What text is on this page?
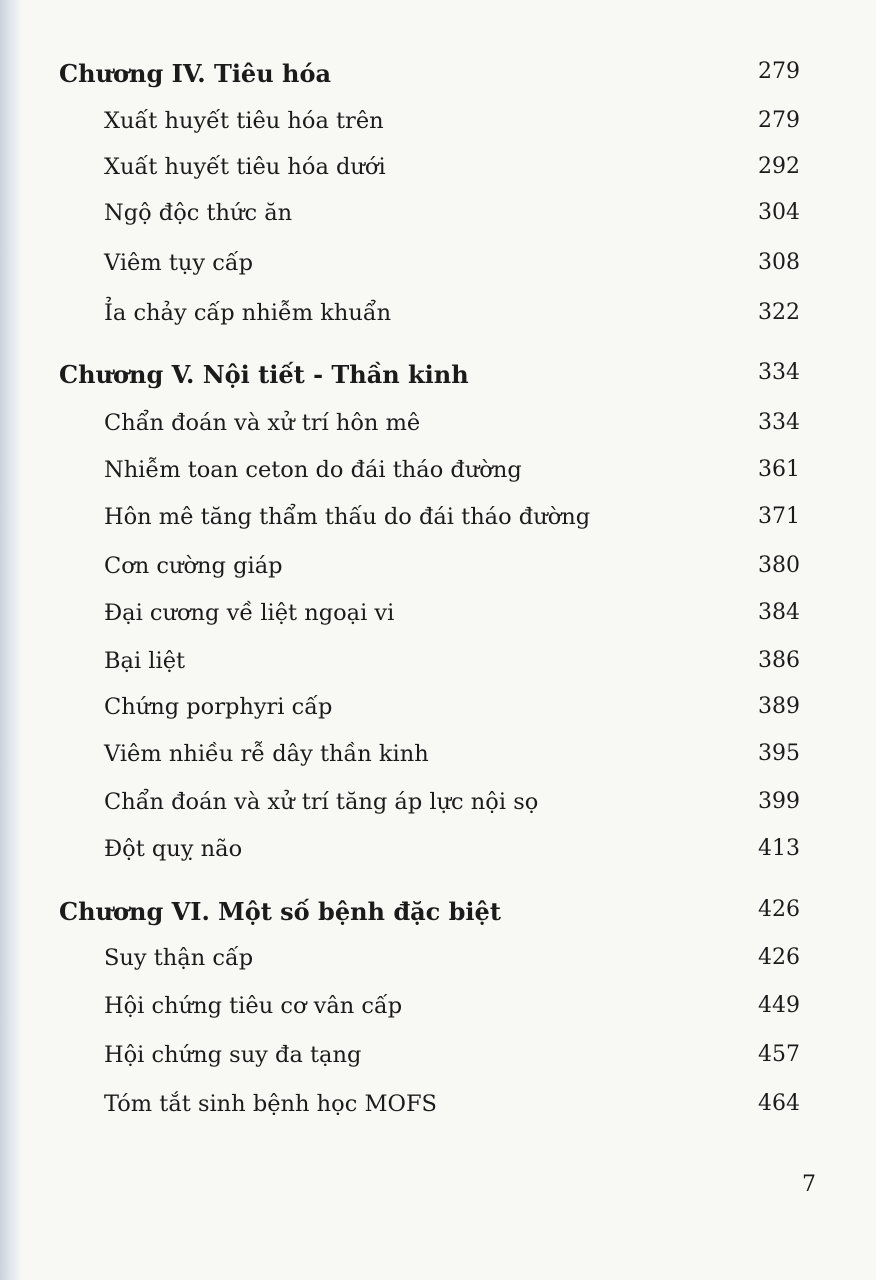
Chương IV. Tiêu hóa	279
Xuất huyết tiêu hóa trên	279
Xuất huyết tiêu hóa dưới	292
Ngộ độc thức ăn	304
Viêm tụy cấp	308
Ỉa chảy cấp nhiễm khuẩn	322
Chương V. Nội tiết - Thần kinh	334
Chẩn đoán và xử trí hôn mê	334
Nhiễm toan ceton do đái tháo đường	361
Hôn mê tăng thẩm thấu do đái tháo đường	371
Cơn cường giáp	380
Đại cương về liệt ngoại vi	384
Bại liệt	386
Chứng porphyri cấp	389
Viêm nhiều rễ dây thần kinh	395
Chẩn đoán và xử trí tăng áp lực nội sọ	399
Đột quỵ não	413
Chương VI. Một số bệnh đặc biệt	426
Suy thận cấp	426
Hội chứng tiêu cơ vân cấp	449
Hội chứng suy đa tạng	457
Tóm tắt sinh bệnh học MOFS	464
7
